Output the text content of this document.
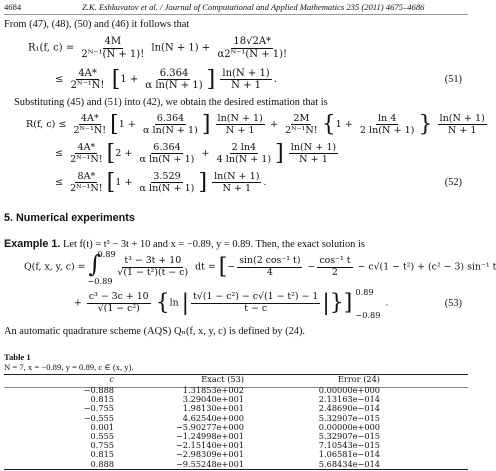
4684	Z.K. Eshkuvatov et al. / Journal of Computational and Applied Mathematics 235 (2011) 4675–4686
From (47), (48), (50) and (46) it follows that
R₁(f, $c) = \frac{4M}{\text{2ᴺ⁻¹(N + 1)!}} \ln(N + 1) + \frac{18√2A*}{\text{α2ᴺ⁻¹(N + 1)!}}$
≤ $\frac{4A*}{\text{2ᴺ⁻¹N!}} [1 + \frac{6.364}{\text{α ln(N + 1)}}$ ] $\frac{\ln(N + 1)}{N + 1}$ .	(51)
Substituting (45) and (51) into (42), we obtain the desired estimation that is
R(f, $c) \le \frac{4A*}{\text{2ᴺ⁻¹N!}} [1 + \frac{6.364}{\text{α ln(N + 1)}}$ ] $\frac{\ln(N + 1)}{N + 1} + \frac{2M}{\text{2ᴺ⁻¹N!}} \{1 + \frac{\ln 4}{2 \ln(N + 1)}$ } $\frac{\ln(N + 1)}{N + 1}$
≤ $\frac{4A*}{\text{2ᴺ⁻¹N!}} [2 + \frac{6.364}{\text{α ln(N + 1)}} + \frac{2 \ln 4}{4 \ln(N + 1)}$ ] $\frac{\ln(N + 1)}{N + 1}$
≤ $\frac{8A*}{\text{2ᴺ⁻¹N!}} [1 + \frac{3.529}{\text{α ln(N + 1)}}$ ] $\frac{\ln(N + 1)}{N + 1}$ .	(52)
5. Numerical experiments
Example 1. Let f(t) = t³ − 3t + 10 and x = −0.89, y = 0.89. Then, the exact solution is
Q(f, x, y, c) = ∫
0.89
−0.89

$\frac{\text{t³ − 3t + 10}}{\text{√(1 − t²)(t − c)}}$ dt = [− $\frac{\text{sin(2 cos⁻¹ t)}}{4} - \frac{\text{cos⁻¹ t}}{2} - c√(1 - t^2) + (c^2 - 3)$ sin⁻¹ t
+ $\frac{\text{c³ − 3c + 10}}{\text{√(1 − c²)}} \{\ln$ | $\frac{\text{t√(1 − c²) − c√(1 − t²) − 1}}{t - c}$ |}] 0.89
−0.89
.	(53)
An automatic quadrature scheme (AQS) Qₙ(f, x, y, c) is defined by (24).
Table 1
N = 7, x = −0.89, y = 0.89, c ∈ (x, y).
c	Exact (53)	Error (24)	
−0.888	1.31853e+002	0.00000e+000	
0.815	3.29040e+001	2.13163e−014	
−0.755	1.98130e+001	2.48690e−014	
−0.555	4.62540e+000	5.32907e−015	
0.001	−5.90277e+000	0.00000e+000	
0.555	−1.24998e+001	5.32907e−015	
0.755	−2.15140e+001	7.10543e−015	
0.815	−2.98309e+001	1.06581e−014	
0.888	−9.55248e+001	5.68434e−014	
